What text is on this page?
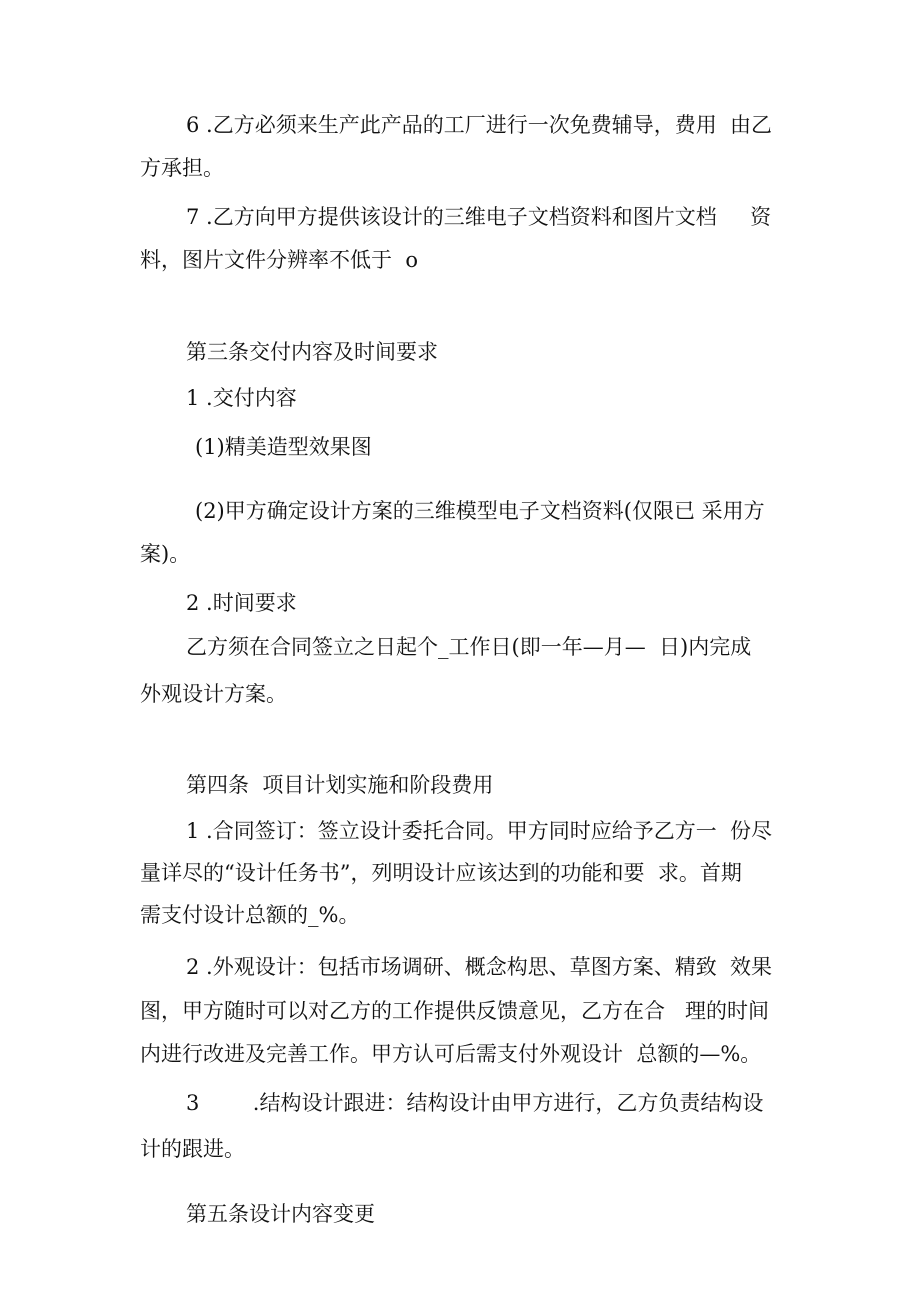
6 .乙方必须来生产此产品的工厂进行一次免费辅导，费用  由乙
方承担。
7 .乙方向甲方提供该设计的三维电子文档资料和图片文档     资
料，图片文件分辨率不低于  o
第三条交付内容及时间要求
1 .交付内容
(1)精美造型效果图
(2)甲方确定设计方案的三维模型电子文档资料(仅限已 采用方
案)。
2 .时间要求
乙方须在合同签立之日起个_工作日(即一年—月—  日)内完成
外观设计方案。
第四条  项目计划实施和阶段费用
1 .合同签订：签立设计委托合同。甲方同时应给予乙方一  份尽
量详尽的“设计任务书”，列明设计应该达到的功能和要  求。首期
需支付设计总额的_%。
2 .外观设计：包括市场调研、概念构思、草图方案、精致  效果
图，甲方随时可以对乙方的工作提供反馈意见，乙方在合   理的时间
内进行改进及完善工作。甲方认可后需支付外观设计  总额的—%。
3        .结构设计跟进：结构设计由甲方进行，乙方负责结构设
计的跟进。
第五条设计内容变更
